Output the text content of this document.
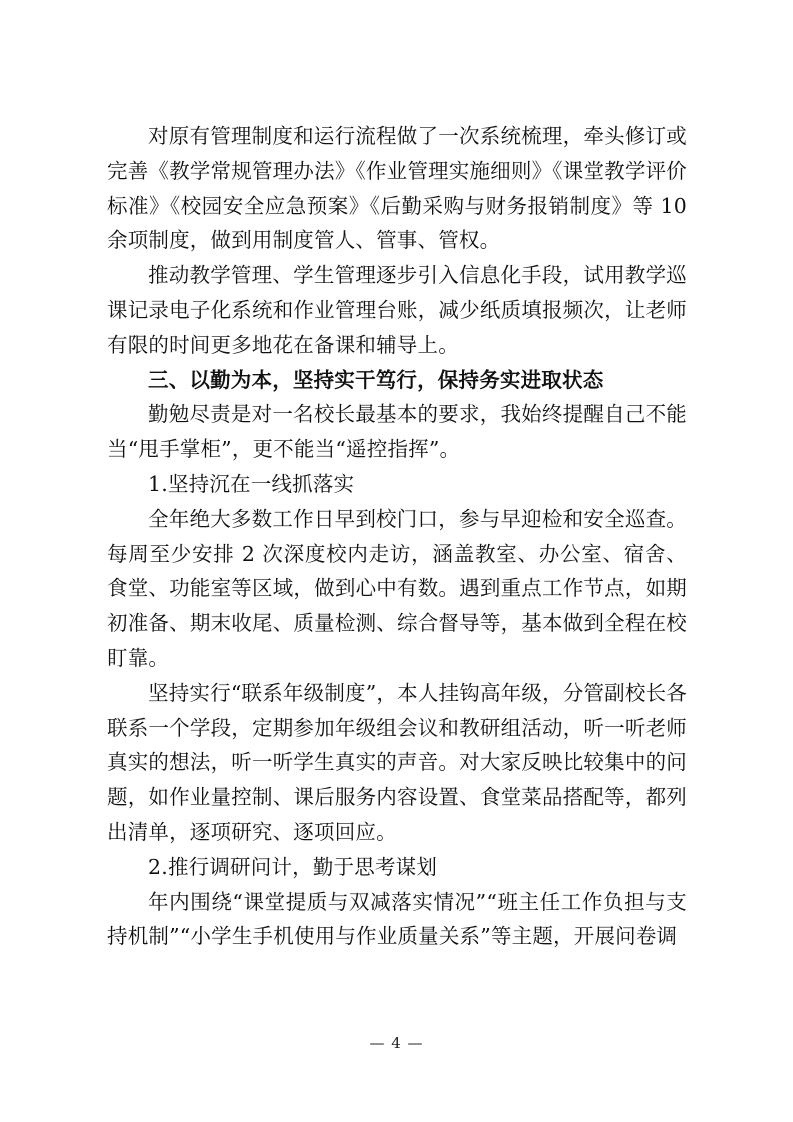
对原有管理制度和运行流程做了一次系统梳理，牵头修订或完善《教学常规管理办法》《作业管理实施细则》《课堂教学评价标准》《校园安全应急预案》《后勤采购与财务报销制度》等 10 余项制度，做到用制度管人、管事、管权。

推动教学管理、学生管理逐步引入信息化手段，试用教学巡课记录电子化系统和作业管理台账，减少纸质填报频次，让老师有限的时间更多地花在备课和辅导上。

三、以勤为本，坚持实干笃行，保持务实进取状态

勤勉尽责是对一名校长最基本的要求，我始终提醒自己不能当“甩手掌柜”，更不能当“遥控指挥”。

1.坚持沉在一线抓落实

全年绝大多数工作日早到校门口，参与早迎检和安全巡查。每周至少安排 2 次深度校内走访，涵盖教室、办公室、宿舍、食堂、功能室等区域，做到心中有数。遇到重点工作节点，如期初准备、期末收尾、质量检测、综合督导等，基本做到全程在校盯靠。

坚持实行“联系年级制度”，本人挂钩高年级，分管副校长各联系一个学段，定期参加年级组会议和教研组活动，听一听老师真实的想法，听一听学生真实的声音。对大家反映比较集中的问题，如作业量控制、课后服务内容设置、食堂菜品搭配等，都列出清单，逐项研究、逐项回应。

2.推行调研问计，勤于思考谋划

年内围绕“课堂提质与双减落实情况”“班主任工作负担与支持机制”“小学生手机使用与作业质量关系”等主题，开展问卷调

— 4 —
